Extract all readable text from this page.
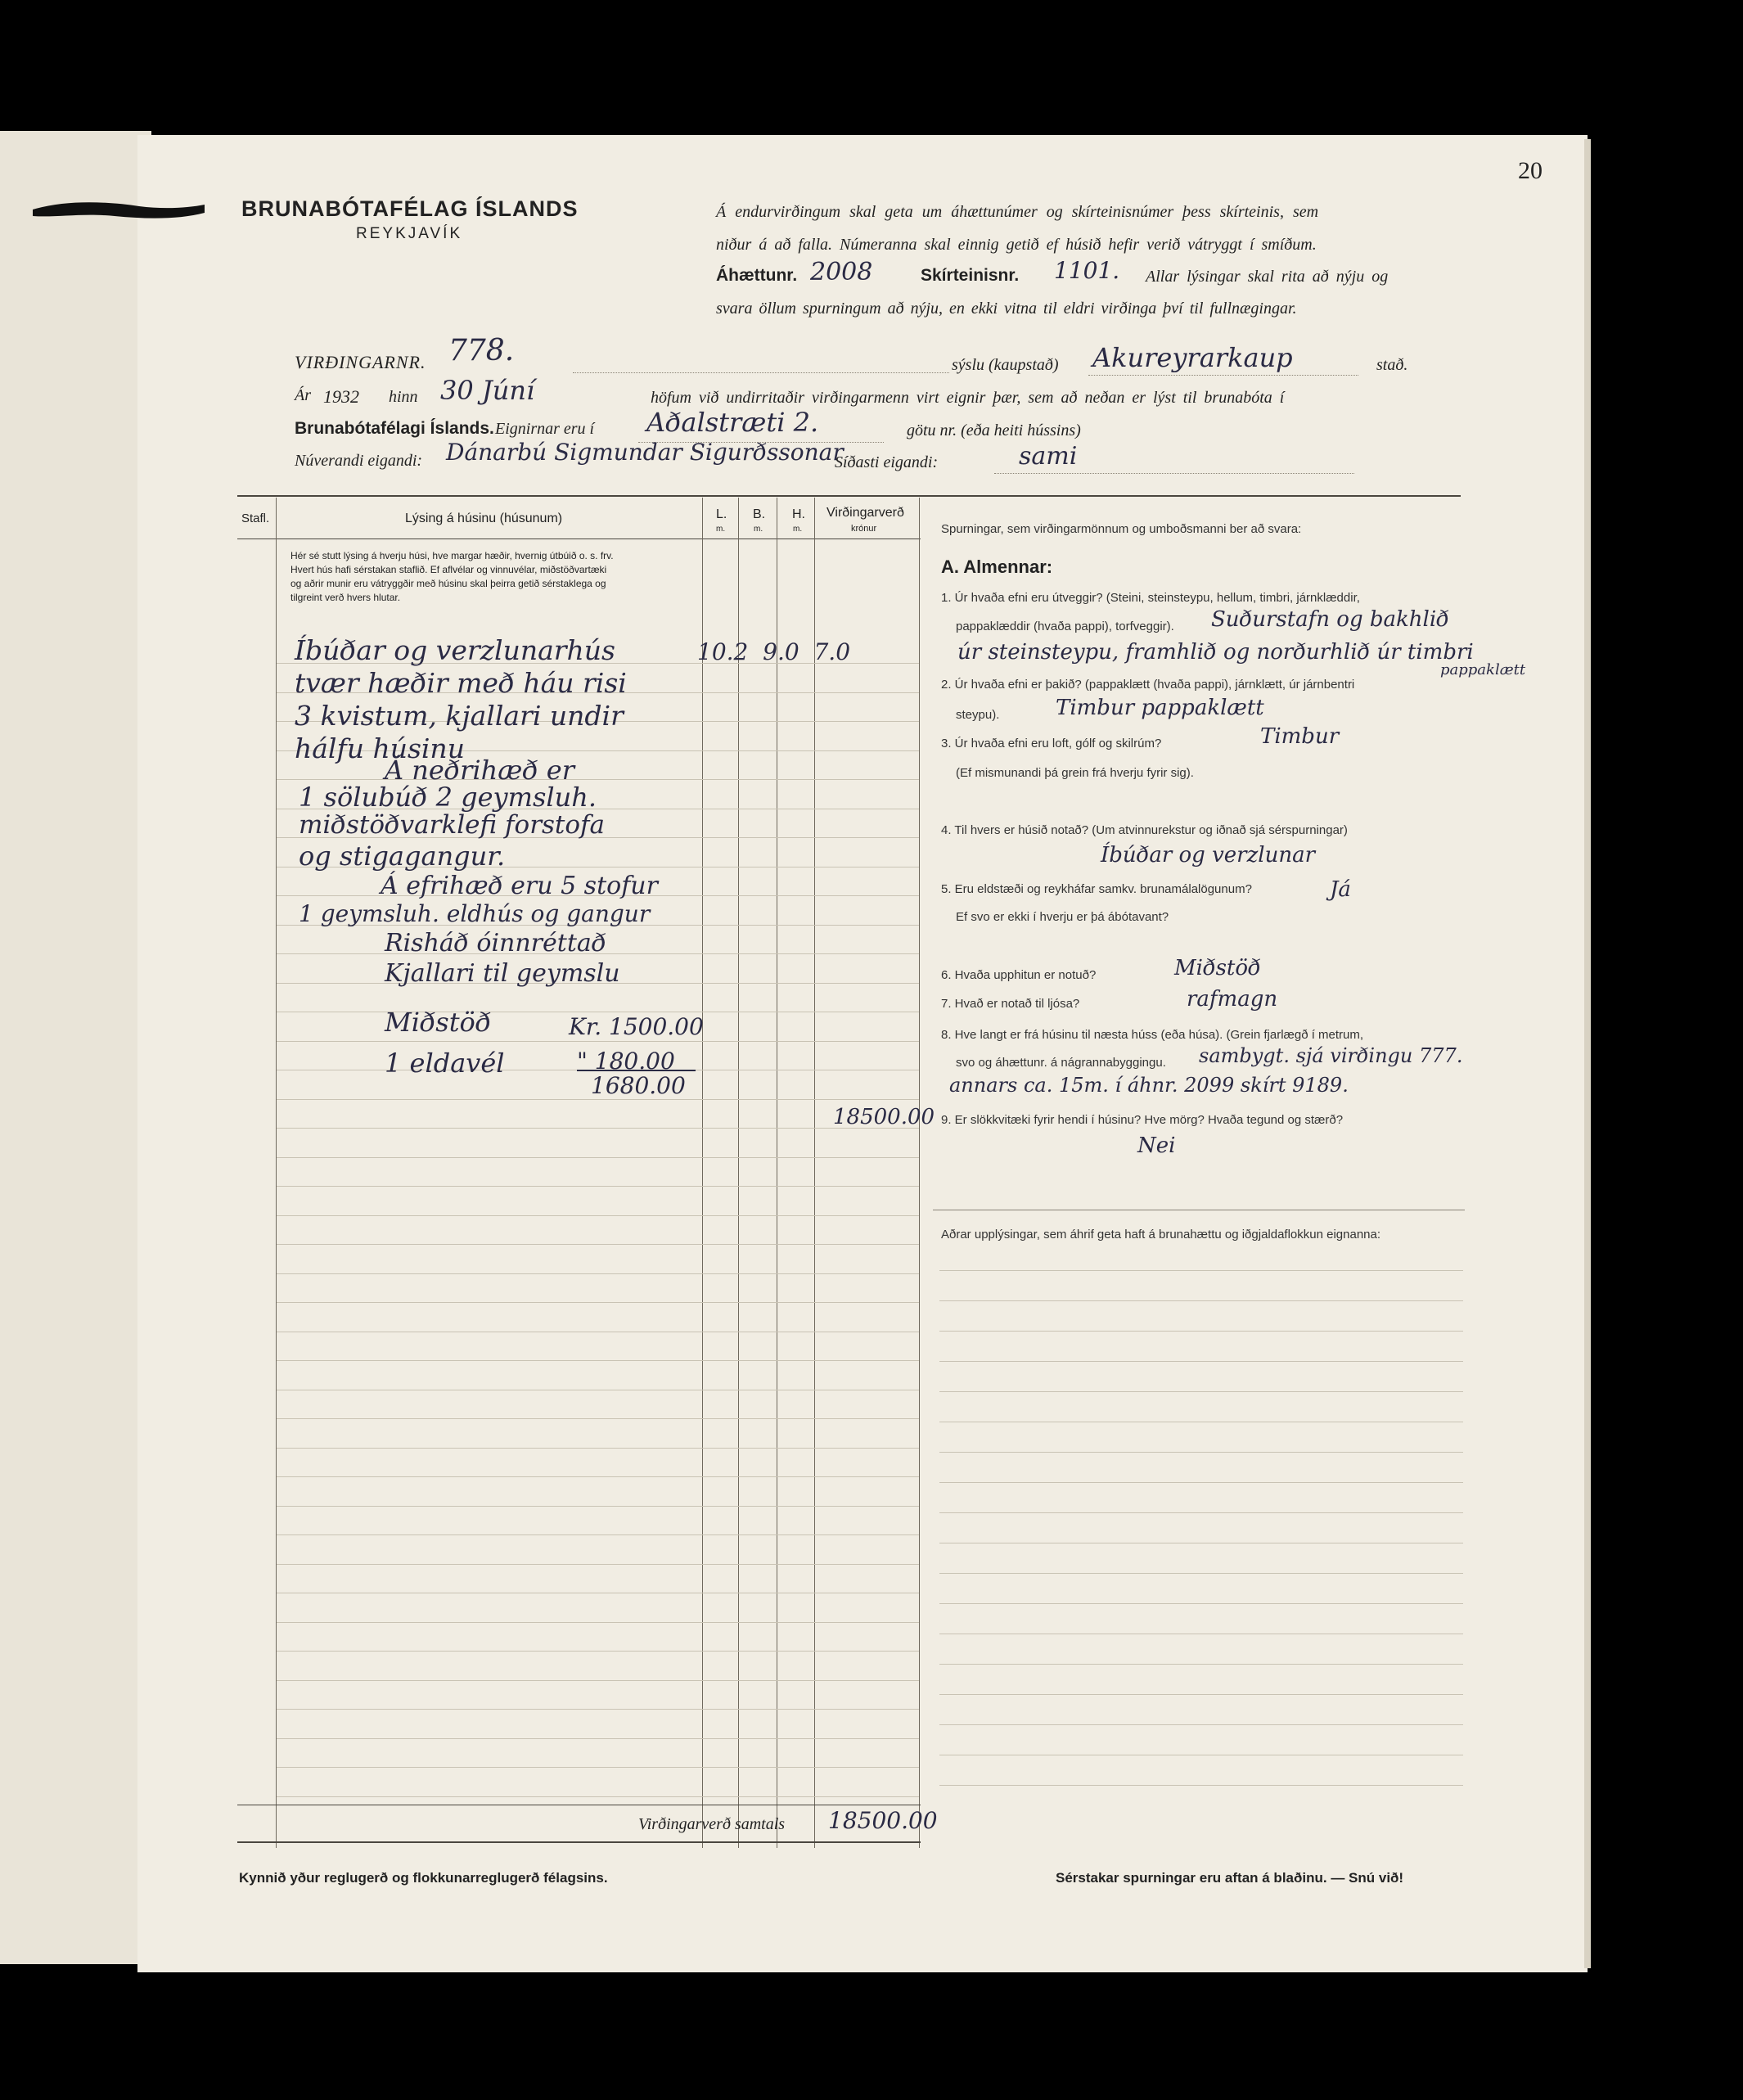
20
BRUNABÓTAFÉLAG ÍSLANDS
REYKJAVÍK
Á endurvirðingum skal geta um áhættunúmer og skírteinisnúmer þess skírteinis, sem
niður á að falla. Númeranna skal einnig getið ef húsið hefir verið vátryggt í smíðum.
Áhættunr. 2008	Skírteinisnr. 1101. Allar lýsingar skal rita að nýju og
svara öllum spurningum að nýju, en ekki vitna til eldri virðinga því til fullnægingar.
VIRÐINGARNR. 778.	sýslu (kaupstað) Akureyrarkaup	stað.
Ár 1932 hinn 30 Júní	höfum við undirritaðir virðingarmenn virt eignir þær, sem að neðan er lýst til brunabóta í
Brunabótafélagi Íslands. Eignirnar eru í Aðalstræti 2.	götu nr. (eða heiti hússins)
Núverandi eigandi: Dánarbú Sigmundar Sigurðssonar
Síðasti eigandi:	sami
Stafl.	Lýsing á húsinu (húsunum)	L. B. H.
m.	m.	m.
Virðingarverð
krónur
Hér sé stutt lýsing á hverju húsi, hve margar hæðir, hvernig útbúið o. s. frv.
Hvert hús hafi sérstakan staflið. Ef aflvélar og vinnuvélar, miðstöðvartæki
og aðrir munir eru vátryggðir með húsinu skal þeirra getið sérstaklega og
tilgreint verð hvers hlutar.
10.2  9.0  7.0
Íbúðar og verzlunarhús
tvær hæðir með háu risi
3 kvistum, kjallari undir
hálfu húsinu
Á neðrihæð er
1 sölubúð 2 geymsluh.
miðstöðvarklefi forstofa
og stigagangur.
Á efrihæð eru 5 stofur
1 geymsluh. eldhús og gangur
Risháð óinnréttað
Kjallari til geymslu
Miðstöð	Kr. 1500.00
1 eldavél	" 180.00
1680.00
18500.00
Virðingarverð samtals 18500.00
Spurningar, sem virðingarmönnum og umboðsmanni ber að svara:
A. Almennar:
1. Úr hvaða efni eru útveggir? (Steini, steinsteypu, hellum, timbri, járnklæddir,
pappaklæddir (hvaða pappi), torfveggir). Suðurstafn og bakhlið
úr steinsteypu, framhlið og norðurhlið úr timbri
pappaklætt
2. Úr hvaða efni er þakið? (pappaklætt (hvaða pappi), járnklætt, úr járnbentri
steypu).	Timbur pappaklætt
3. Úr hvaða efni eru loft, gólf og skilrúm?	Timbur
(Ef mismunandi þá grein frá hverju fyrir sig).
4. Til hvers er húsið notað? (Um atvinnurekstur og iðnað sjá sérspurningar)
Íbúðar og verzlunar
5. Eru eldstæði og reykháfar samkv. brunamálalögunum?	Já
Ef svo er ekki í hverju er þá ábótavant?
6. Hvaða upphitun er notuð?	Miðstöð
7. Hvað er notað til ljósa?	rafmagn
8. Hve langt er frá húsinu til næsta húss (eða húsa). (Grein fjarlægð í metrum,
svo og áhættunr. á nágrannabyggingu. sambygt. sjá virðingu 777.
annars ca. 15m. í áhnr. 2099 skírt 9189.
9. Er slökkvitæki fyrir hendi í húsinu? Hve mörg? Hvaða tegund og stærð?
Nei
Aðrar upplýsingar, sem áhrif geta haft á brunahættu og iðgjaldaflokkun eignanna:
Kynnið yður reglugerð og flokkunarreglugerð félagsins.	Sérstakar spurningar eru aftan á blaðinu. — Snú við!
